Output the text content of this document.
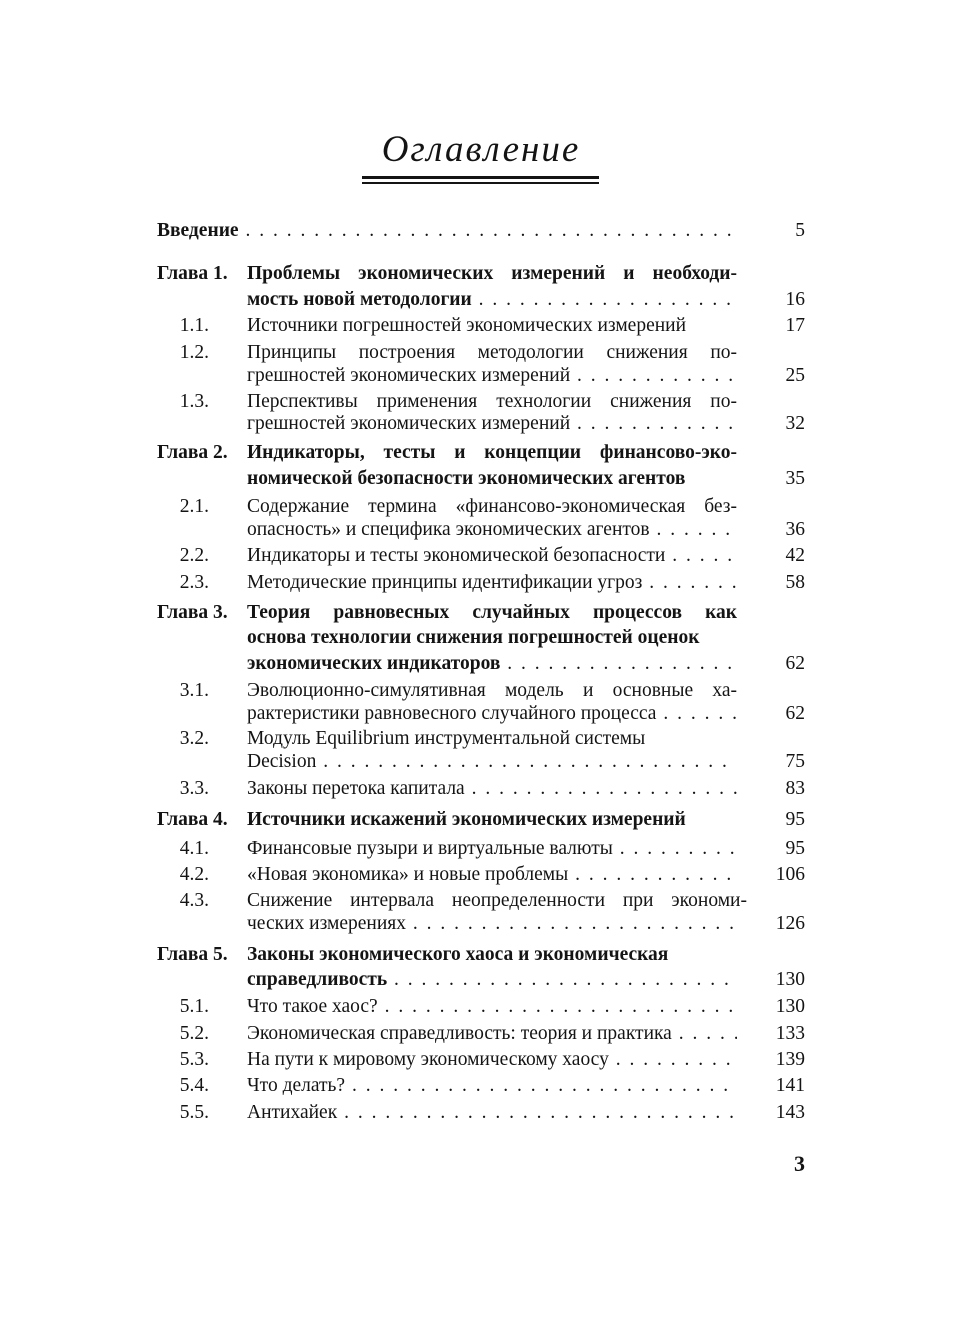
Оглавление
Введение . . .	5
Глава 1. Проблемы экономических измерений и необходи-
мость новой методологии . . .	16
1.1. Источники погрешностей экономических измерений	17
1.2. Принципы построения методологии снижения по-
грешностей экономических измерений . . .	25
1.3. Перспективы применения технологии снижения по-
грешностей экономических измерений . . .	32
Глава 2. Индикаторы, тесты и концепции финансово-эко-
номической безопасности экономических агентов	35
2.1. Содержание термина «финансово-экономическая без-
опасность» и специфика экономических агентов . . .	36
2.2. Индикаторы и тесты экономической безопасности . . .	42
2.3. Методические принципы идентификации угроз . . .	58
Глава 3. Теория равновесных случайных процессов как
основа технологии снижения погрешностей оценок
экономических индикаторов . . .	62
3.1. Эволюционно-симулятивная модель и основные ха-
рактеристики равновесного случайного процесса . . .	62
3.2. Модуль Equilibrium инструментальной системы
Decision . . .	75
3.3. Законы перетока капитала . . .	83
Глава 4. Источники искажений экономических измерений	95
4.1. Финансовые пузыри и виртуальные валюты . . .	95
4.2. «Новая экономика» и новые проблемы . . .	106
4.3. Снижение интервала неопределенности при экономи-
ческих измерениях . . .	126
Глава 5. Законы экономического хаоса и экономическая
справедливость . . .	130
5.1. Что такое хаос? . . .	130
5.2. Экономическая справедливость: теория и практика . . .	133
5.3. На пути к мировому экономическому хаосу . . .	139
5.4. Что делать? . . .	141
5.5. Антихайек . . .	143
3
